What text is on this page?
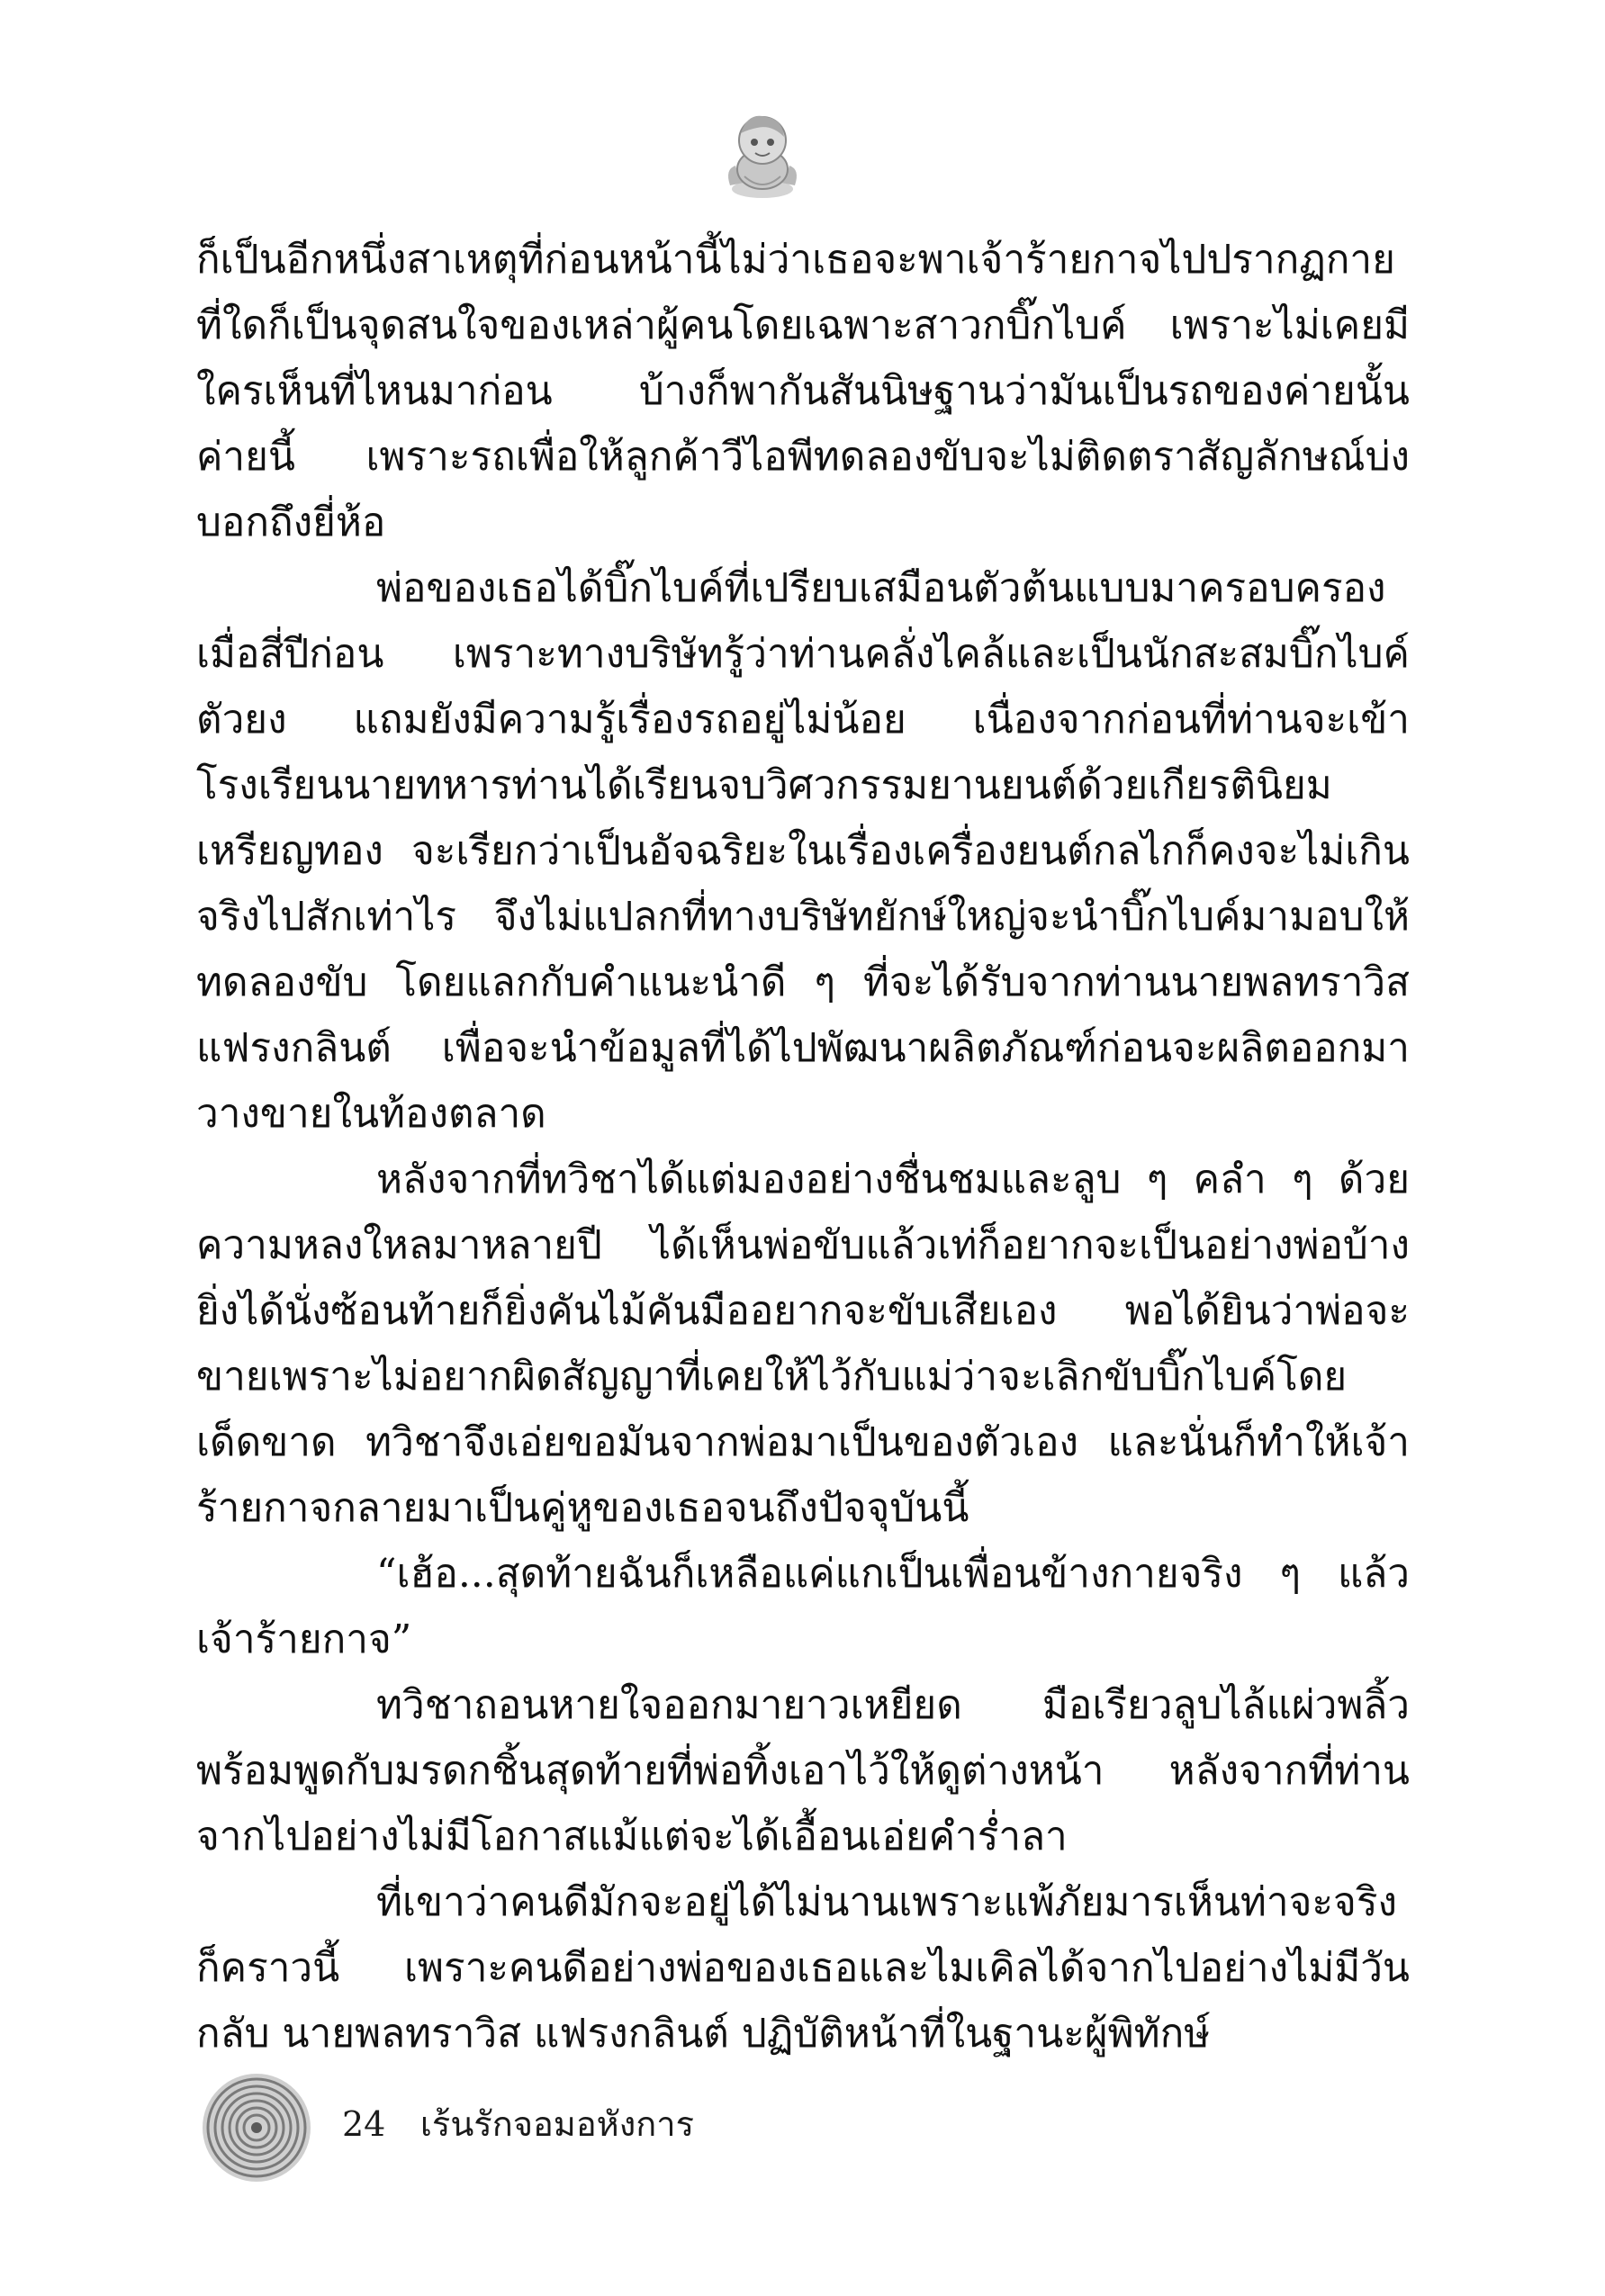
ก็เป็นอีกหนึ่งสาเหตุที่ก่อนหน้านี้ไม่ว่าเธอจะพาเจ้าร้ายกาจไปปรากฏกาย ที่ใดก็เป็นจุดสนใจของเหล่าผู้คนโดยเฉพาะสาวกบิ๊กไบค์ เพราะไม่เคยมีใครเห็นที่ไหนมาก่อน บ้างก็พากันสันนิษฐานว่ามันเป็นรถของค่ายนั้น ค่ายนี้ เพราะรถเพื่อให้ลูกค้าวีไอพีทดลองขับจะไม่ติดตราสัญลักษณ์บ่งบอกถึงยี่ห้อ

พ่อของเธอได้บิ๊กไบค์ที่เปรียบเสมือนตัวต้นแบบมาครอบครองเมื่อสี่ปีก่อน เพราะทางบริษัทรู้ว่าท่านคลั่งไคล้และเป็นนักสะสมบิ๊กไบค์ตัวยง แถมยังมีความรู้เรื่องรถอยู่ไม่น้อย เนื่องจากก่อนที่ท่านจะเข้าโรงเรียนนายทหารท่านได้เรียนจบวิศวกรรมยานยนต์ด้วยเกียรตินิยมเหรียญทอง จะเรียกว่าเป็นอัจฉริยะในเรื่องเครื่องยนต์กลไกก็คงจะไม่เกินจริงไปสักเท่าไร จึงไม่แปลกที่ทางบริษัทยักษ์ใหญ่จะนำบิ๊กไบค์มามอบให้ทดลองขับ โดยแลกกับคำแนะนำดี ๆ ที่จะได้รับจากท่านนายพลทราวิส แฟรงกลินต์ เพื่อจะนำข้อมูลที่ได้ไปพัฒนาผลิตภัณฑ์ก่อนจะผลิตออกมาวางขายในท้องตลาด

หลังจากที่ทวิชาได้แต่มองอย่างชื่นชมและลูบ ๆ คลำ ๆ ด้วยความหลงใหลมาหลายปี ได้เห็นพ่อขับแล้วเท่ก็อยากจะเป็นอย่างพ่อบ้าง ยิ่งได้นั่งซ้อนท้ายก็ยิ่งคันไม้คันมืออยากจะขับเสียเอง พอได้ยินว่าพ่อจะขายเพราะไม่อยากผิดสัญญาที่เคยให้ไว้กับแม่ว่าจะเลิกขับบิ๊กไบค์โดยเด็ดขาด ทวิชาจึงเอ่ยขอมันจากพ่อมาเป็นของตัวเอง และนั่นก็ทำให้เจ้าร้ายกาจกลายมาเป็นคู่หูของเธอจนถึงปัจจุบันนี้

“เฮ้อ...สุดท้ายฉันก็เหลือแค่แกเป็นเพื่อนข้างกายจริง ๆ แล้วเจ้าร้ายกาจ”

ทวิชาถอนหายใจออกมายาวเหยียด มือเรียวลูบไล้แผ่วพลิ้วพร้อมพูดกับมรดกชิ้นสุดท้ายที่พ่อทิ้งเอาไว้ให้ดูต่างหน้า หลังจากที่ท่านจากไปอย่างไม่มีโอกาสแม้แต่จะได้เอื้อนเอ่ยคำร่ำลา

ที่เขาว่าคนดีมักจะอยู่ได้ไม่นานเพราะแพ้ภัยมารเห็นท่าจะจริงก็คราวนี้ เพราะคนดีอย่างพ่อของเธอและไมเคิลได้จากไปอย่างไม่มีวันกลับ นายพลทราวิส แฟรงกลินต์ ปฏิบัติหน้าที่ในฐานะผู้พิทักษ์

24 เร้นรักจอมอหังการ
